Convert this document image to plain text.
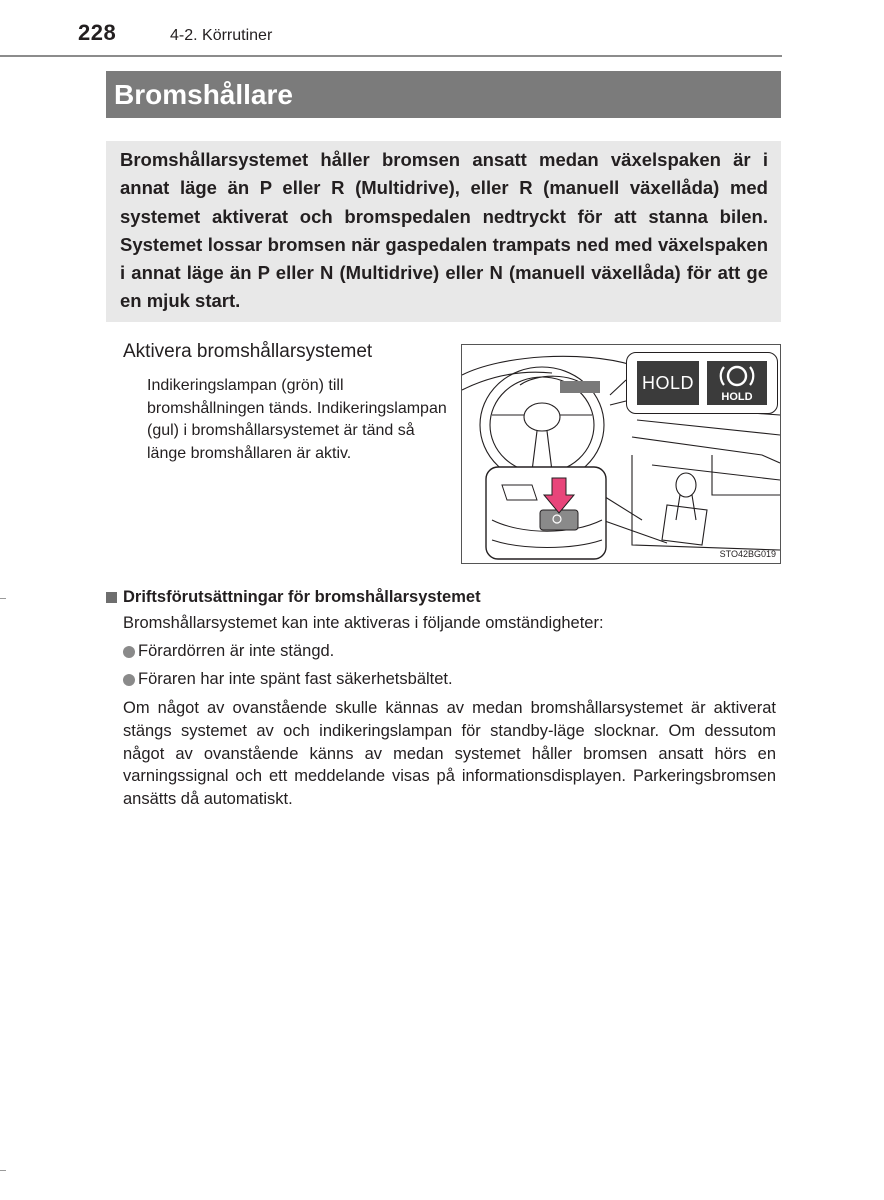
228	4-2. Körrutiner
Bromshållare

Bromshållarsystemet håller bromsen ansatt medan växelspaken är i annat läge än P eller R (Multidrive), eller R (manuell växellåda) med systemet aktiverat och bromspedalen nedtryckt för att stanna bilen. Systemet lossar bromsen när gaspedalen trampats ned med växelspaken i annat läge än P eller N (Multidrive) eller N (manuell växellåda) för att ge en mjuk start.

Aktivera bromshållarsystemet

Indikeringslampan (grön) till bromshållningen tänds. Indikeringslampan (gul) i bromshållarsystemet är tänd så länge bromshållaren är aktiv.

HOLD
HOLD
STO42BG019
Driftsförutsättningar för bromshållarsystemet
Bromshållarsystemet kan inte aktiveras i följande omständigheter:
Förardörren är inte stängd.
Föraren har inte spänt fast säkerhetsbältet.

Om något av ovanstående skulle kännas av medan bromshållarsystemet är aktiverat stängs systemet av och indikeringslampan för standby-läge slocknar. Om dessutom något av ovanstående känns av medan systemet håller bromsen ansatt hörs en varningssignal och ett meddelande visas på informationsdisplayen. Parkeringsbromsen ansätts då automatiskt.
